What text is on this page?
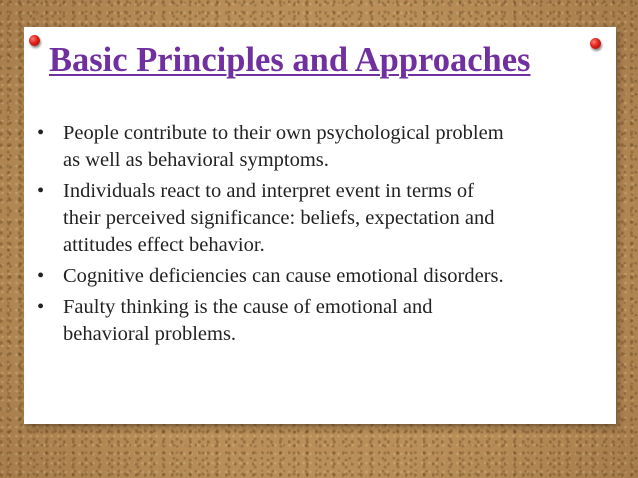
Basic Principles and Approaches
• People contribute to their own psychological problem
as well as behavioral symptoms.
• Individuals react to and interpret event in terms of
their perceived significance: beliefs, expectation and
attitudes effect behavior.
• Cognitive deficiencies can cause emotional disorders.
• Faulty thinking is the cause of emotional and
behavioral problems.
